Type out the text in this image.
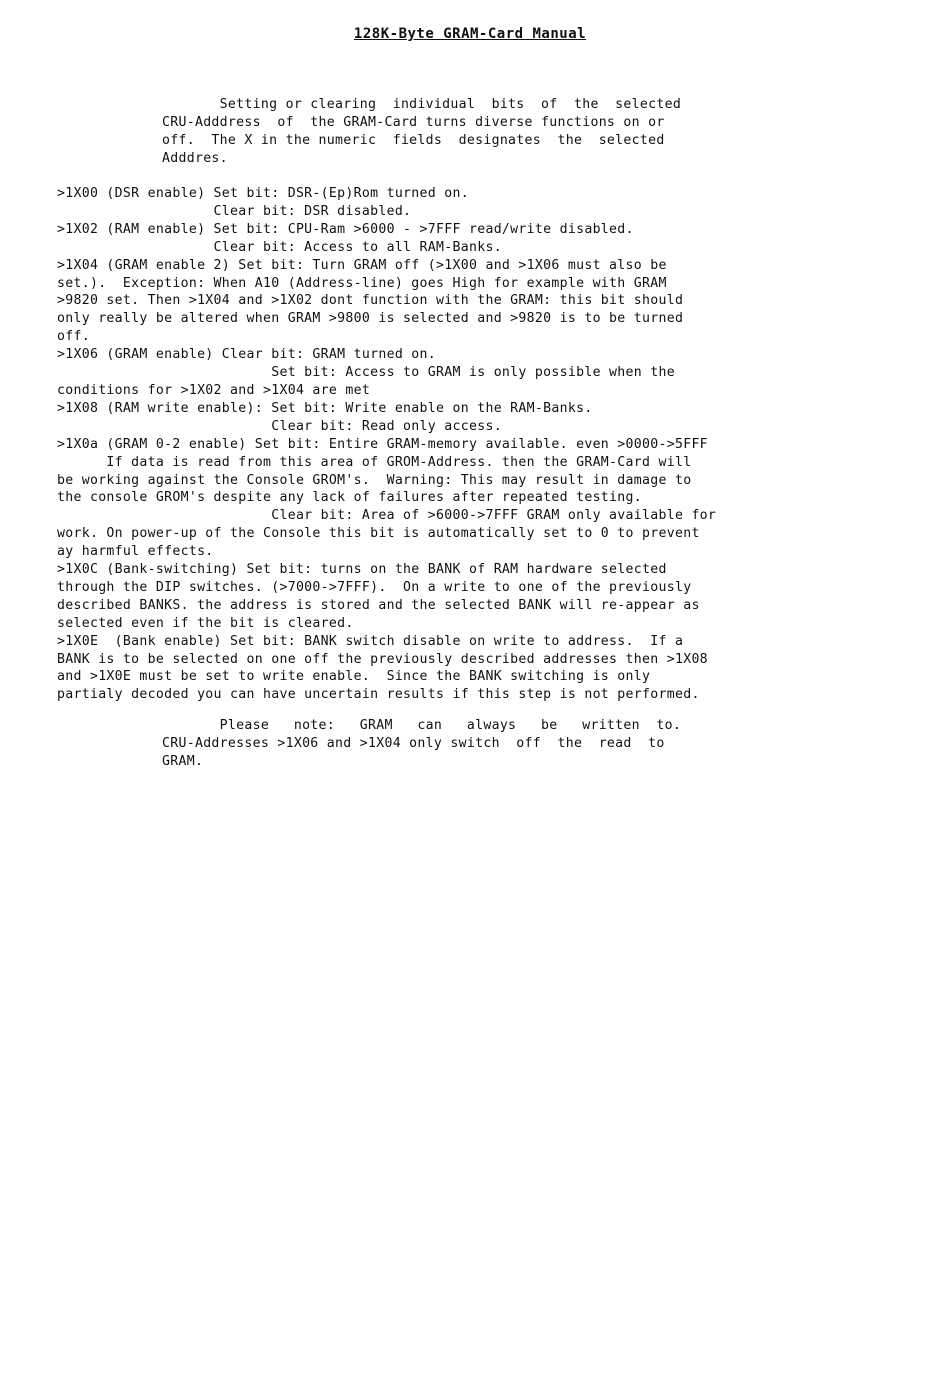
128K-Byte GRAM-Card Manual
Setting or clearing  individual  bits  of  the  selected
CRU-Adddress  of  the GRAM-Card turns diverse functions on or
off.  The X in the numeric  fields  designates  the  selected
Adddres.
>1X00 (DSR enable) Set bit: DSR-(Ep)Rom turned on.
Clear bit: DSR disabled.
>1X02 (RAM enable) Set bit: CPU-Ram >6000 - >7FFF read/write disabled.
Clear bit: Access to all RAM-Banks.
>1X04 (GRAM enable 2) Set bit: Turn GRAM off (>1X00 and >1X06 must also be
set.).  Exception: When A10 (Address-line) goes High for example with GRAM
>9820 set. Then >1X04 and >1X02 dont function with the GRAM: this bit should
only really be altered when GRAM >9800 is selected and >9820 is to be turned
off.
>1X06 (GRAM enable) Clear bit: GRAM turned on.
Set bit: Access to GRAM is only possible when the
conditions for >1X02 and >1X04 are met
>1X08 (RAM write enable): Set bit: Write enable on the RAM-Banks.
Clear bit: Read only access.
>1X0a (GRAM 0-2 enable) Set bit: Entire GRAM-memory available. even >0000->5FFF
If data is read from this area of GROM-Address. then the GRAM-Card will
be working against the Console GROM's.  Warning: This may result in damage to
the console GROM's despite any lack of failures after repeated testing.
Clear bit: Area of >6000->7FFF GRAM only available for
work. On power-up of the Console this bit is automatically set to 0 to prevent
ay harmful effects.
>1X0C (Bank-switching) Set bit: turns on the BANK of RAM hardware selected
through the DIP switches. (>7000->7FFF).  On a write to one of the previously
described BANKS. the address is stored and the selected BANK will re-appear as
selected even if the bit is cleared.
>1X0E  (Bank enable) Set bit: BANK switch disable on write to address.  If a
BANK is to be selected on one off the previously described addresses then >1X08
and >1X0E must be set to write enable.  Since the BANK switching is only
partialy decoded you can have uncertain results if this step is not performed.
Please   note:   GRAM   can   always   be   written  to.
CRU-Addresses >1X06 and >1X04 only switch  off  the  read  to
GRAM.
